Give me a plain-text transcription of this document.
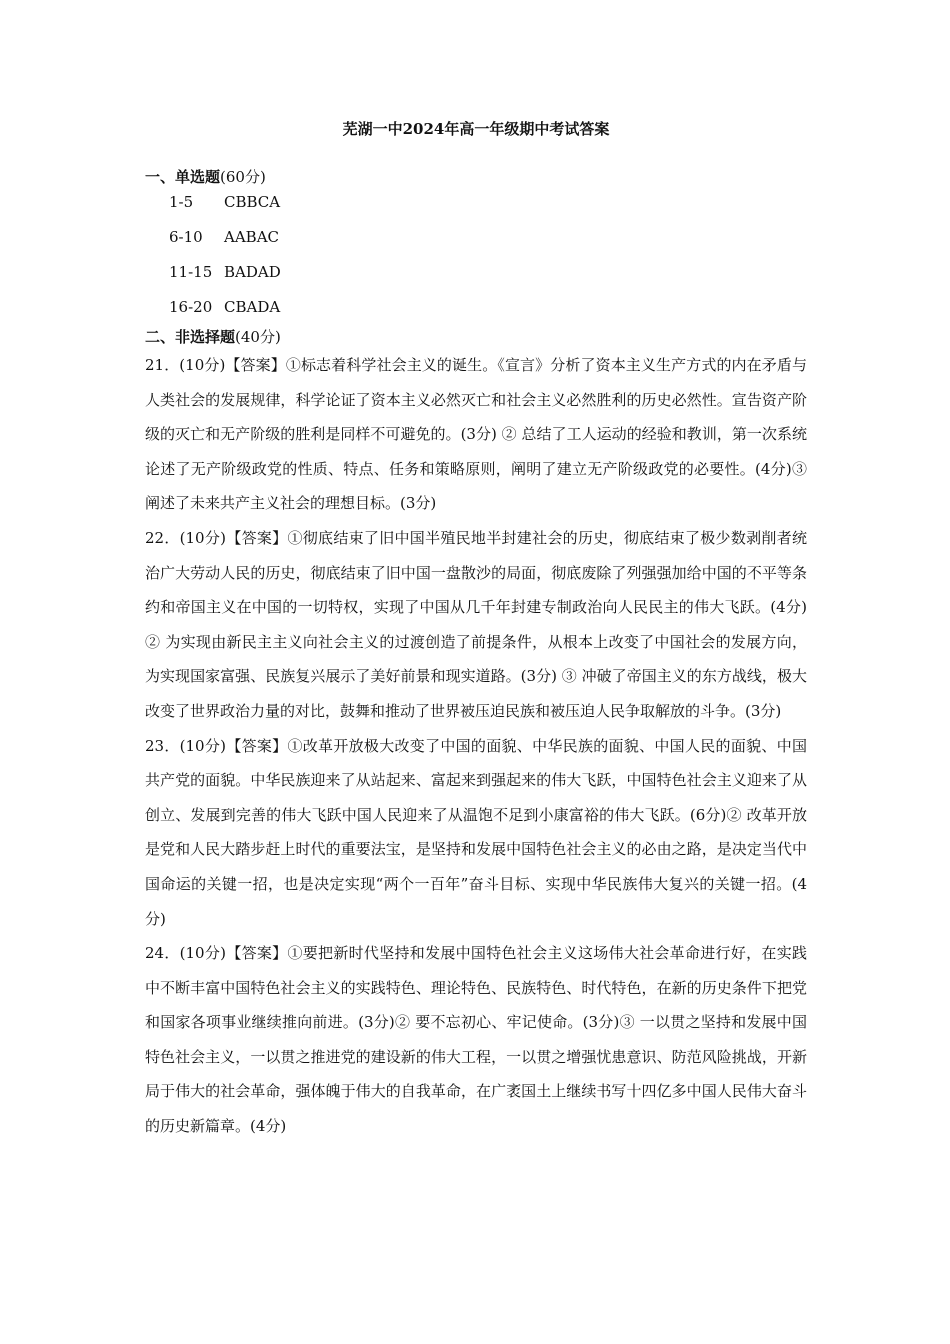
芜湖一中2024年高一年级期中考试答案
一、单选题(60分)
1-5	CBBCA
6-10	AABAC
11-15 BADAD
16-20 CBADA
二、非选择题(40分)

21．(10分)【答案】①标志着科学社会主义的诞生。《宣言》分析了资本主义生产方式的内在矛盾与人类社会的发展规律，科学论证了资本主义必然灭亡和社会主义必然胜利的历史必然性。宣告资产阶级的灭亡和无产阶级的胜利是同样不可避免的。(3分) ② 总结了工人运动的经验和教训，第一次系统论述了无产阶级政党的性质、特点、任务和策略原则，阐明了建立无产阶级政党的必要性。(4分)③ 阐述了未来共产主义社会的理想目标。(3分)

22．(10分)【答案】①彻底结束了旧中国半殖民地半封建社会的历史，彻底结束了极少数剥削者统治广大劳动人民的历史，彻底结束了旧中国一盘散沙的局面，彻底废除了列强强加给中国的不平等条约和帝国主义在中国的一切特权，实现了中国从几千年封建专制政治向人民民主的伟大飞跃。(4分) ② 为实现由新民主主义向社会主义的过渡创造了前提条件，从根本上改变了中国社会的发展方向，为实现国家富强、民族复兴展示了美好前景和现实道路。(3分) ③ 冲破了帝国主义的东方战线，极大改变了世界政治力量的对比，鼓舞和推动了世界被压迫民族和被压迫人民争取解放的斗争。(3分)

23．(10分)【答案】①改革开放极大改变了中国的面貌、中华民族的面貌、中国人民的面貌、中国共产党的面貌。中华民族迎来了从站起来、富起来到强起来的伟大飞跃，中国特色社会主义迎来了从创立、发展到完善的伟大飞跃中国人民迎来了从温饱不足到小康富裕的伟大飞跃。(6分)② 改革开放是党和人民大踏步赶上时代的重要法宝，是坚持和发展中国特色社会主义的必由之路，是决定当代中国命运的关键一招，也是决定实现“两个一百年”奋斗目标、实现中华民族伟大复兴的关键一招。(4分)

24．(10分)【答案】①要把新时代坚持和发展中国特色社会主义这场伟大社会革命进行好，在实践中不断丰富中国特色社会主义的实践特色、理论特色、民族特色、时代特色，在新的历史条件下把党和国家各项事业继续推向前进。(3分)② 要不忘初心、牢记使命。(3分)③ 一以贯之坚持和发展中国特色社会主义，一以贯之推进党的建设新的伟大工程，一以贯之增强忧患意识、防范风险挑战，开新局于伟大的社会革命，强体魄于伟大的自我革命，在广袤国土上继续书写十四亿多中国人民伟大奋斗的历史新篇章。(4分)
